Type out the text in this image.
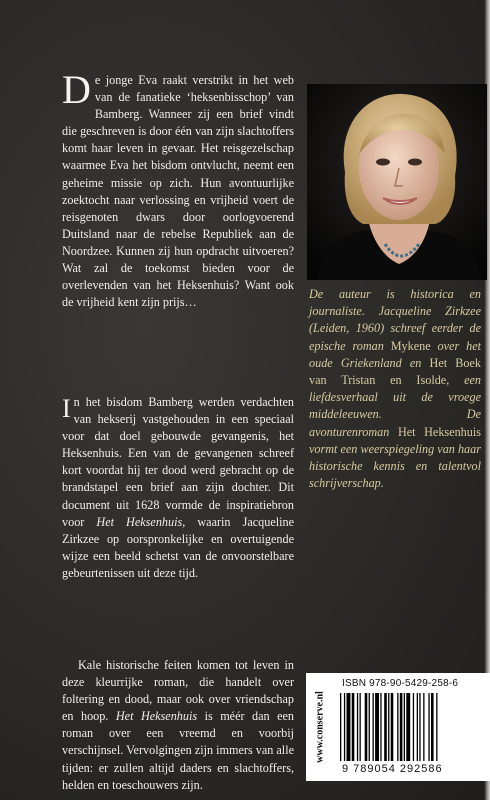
De jonge Eva raakt verstrikt in het web van de fanatieke ‘heksenbisschop’ van Bamberg. Wanneer zij een brief vindt die geschreven is door één van zijn slachtoffers komt haar leven in gevaar. Het reisgezelschap waarmee Eva het bisdom ontvlucht, neemt een geheime missie op zich. Hun avontuurlijke zoektocht naar verlossing en vrijheid voert de reisgenoten dwars door oorlogvoerend Duitsland naar de rebelse Republiek aan de Noordzee. Kunnen zij hun opdracht uitvoeren? Wat zal de toekomst bieden voor de overlevenden van het Heksenhuis? Want ook de vrijheid kent zijn prijs…

In het bisdom Bamberg werden verdachten van hekserij vastgehouden in een speciaal voor dat doel gebouwde gevangenis, het Heksenhuis. Een van de gevangenen schreef kort voordat hij ter dood werd gebracht op de brandstapel een brief aan zijn dochter. Dit document uit 1628 vormde de inspiratiebron voor Het Heksenhuis, waarin Jacqueline Zirkzee op oorspronkelijke en overtuigende wijze een beeld schetst van de onvoorstelbare gebeurtenissen uit deze tijd.

Kale historische feiten komen tot leven in deze kleurrijke roman, die handelt over foltering en dood, maar ook over vriendschap en hoop. Het Heksenhuis is méér dan een roman over een vreemd en voorbij verschijnsel. Vervolgingen zijn immers van alle tijden: er zullen altijd daders en slachtoffers, helden en toeschouwers zijn.

De auteur is historica en journaliste. Jacqueline Zirkzee (Leiden, 1960) schreef eerder de epische roman Mykene over het oude Griekenland en Het Boek van Tristan en Isolde, een liefdesverhaal uit de vroege middeleeuwen. De avonturenroman Het Heksenhuis vormt een weerspiegeling van haar historische kennis en talentvol schrijverschap.
www.conserve.nl
ISBN 978-90-5429-258-6
9 789054 292586
